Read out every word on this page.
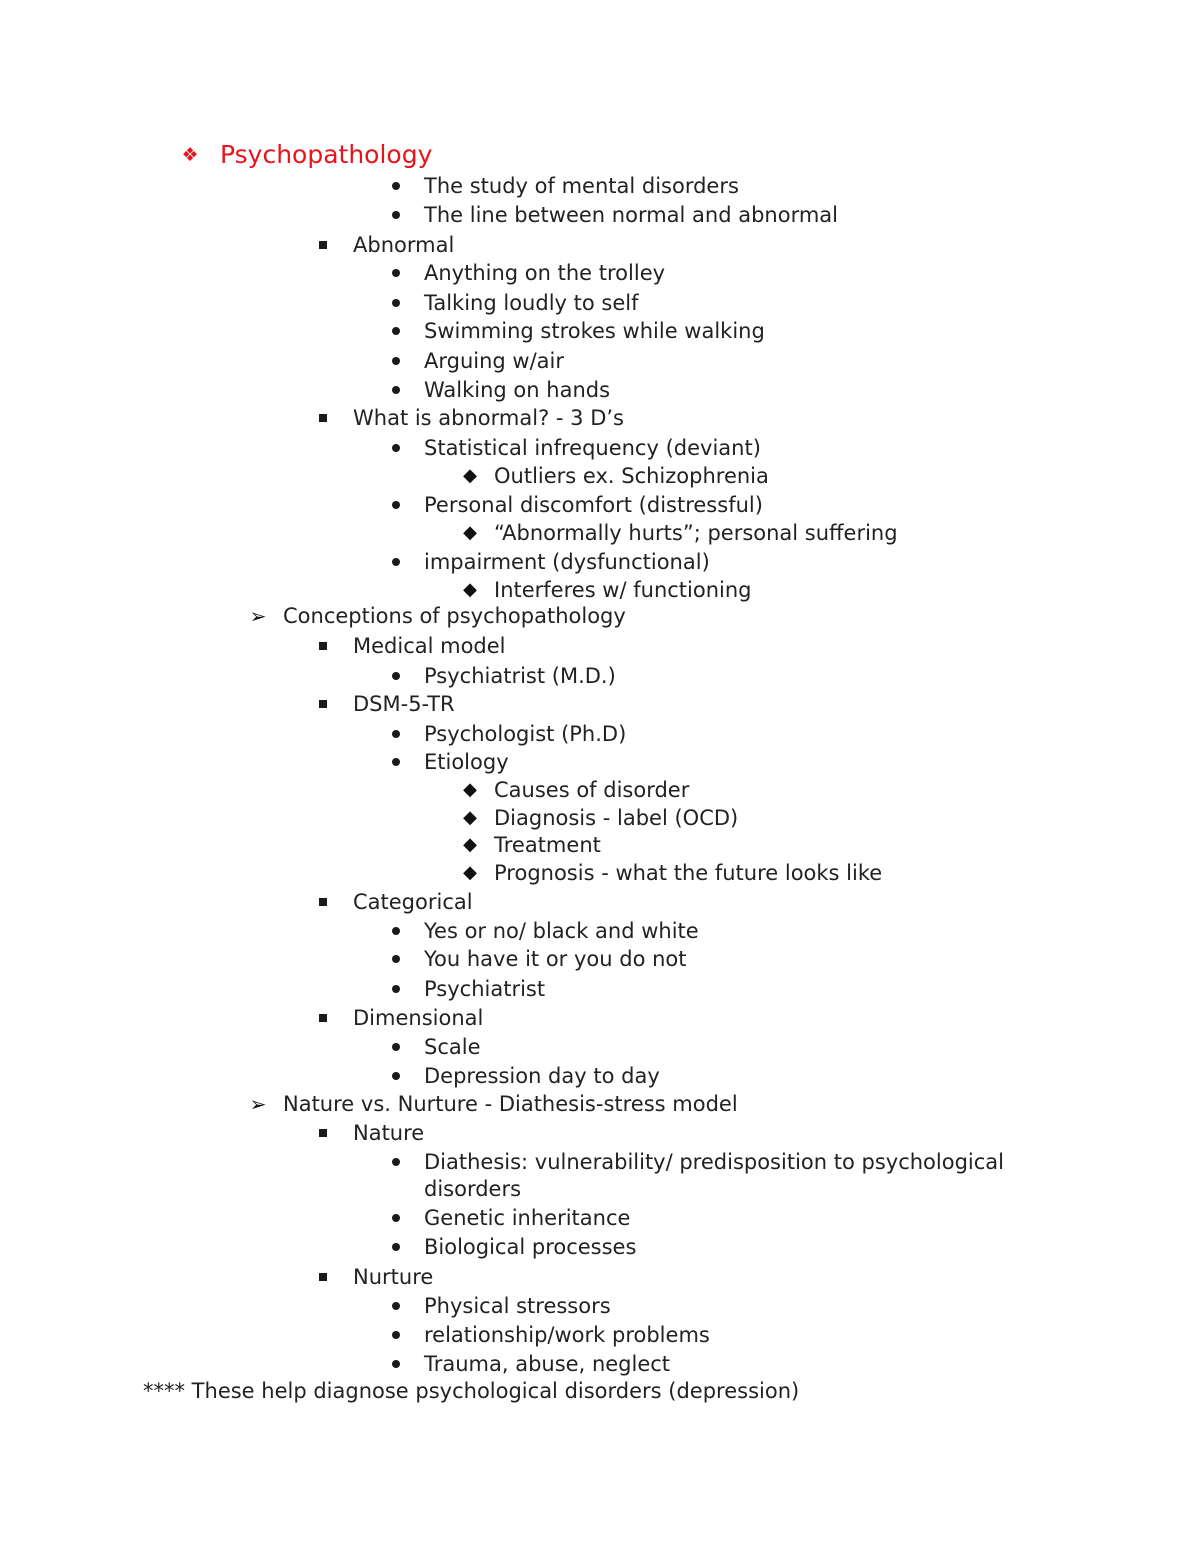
❖ Psychopathology
The study of mental disorders
The line between normal and abnormal
Abnormal
Anything on the trolley
Talking loudly to self
Swimming strokes while walking
Arguing w/air
Walking on hands
What is abnormal? - 3 D’s
Statistical infrequency (deviant)
◆ Outliers ex. Schizophrenia
Personal discomfort (distressful)
◆ “Abnormally hurts”; personal suffering
impairment (dysfunctional)
◆ Interferes w/ functioning
➢ Conceptions of psychopathology
Medical model
Psychiatrist (M.D.)
DSM-5-TR
Psychologist (Ph.D)
Etiology
◆ Causes of disorder
◆ Diagnosis - label (OCD)
◆ Treatment
◆ Prognosis - what the future looks like
Categorical
Yes or no/ black and white
You have it or you do not
Psychiatrist
Dimensional
Scale
Depression day to day
➢ Nature vs. Nurture - Diathesis-stress model
Nature
Diathesis: vulnerability/ predisposition to psychological
disorders
Genetic inheritance
Biological processes
Nurture
Physical stressors
relationship/work problems
Trauma, abuse, neglect
**** These help diagnose psychological disorders (depression)
